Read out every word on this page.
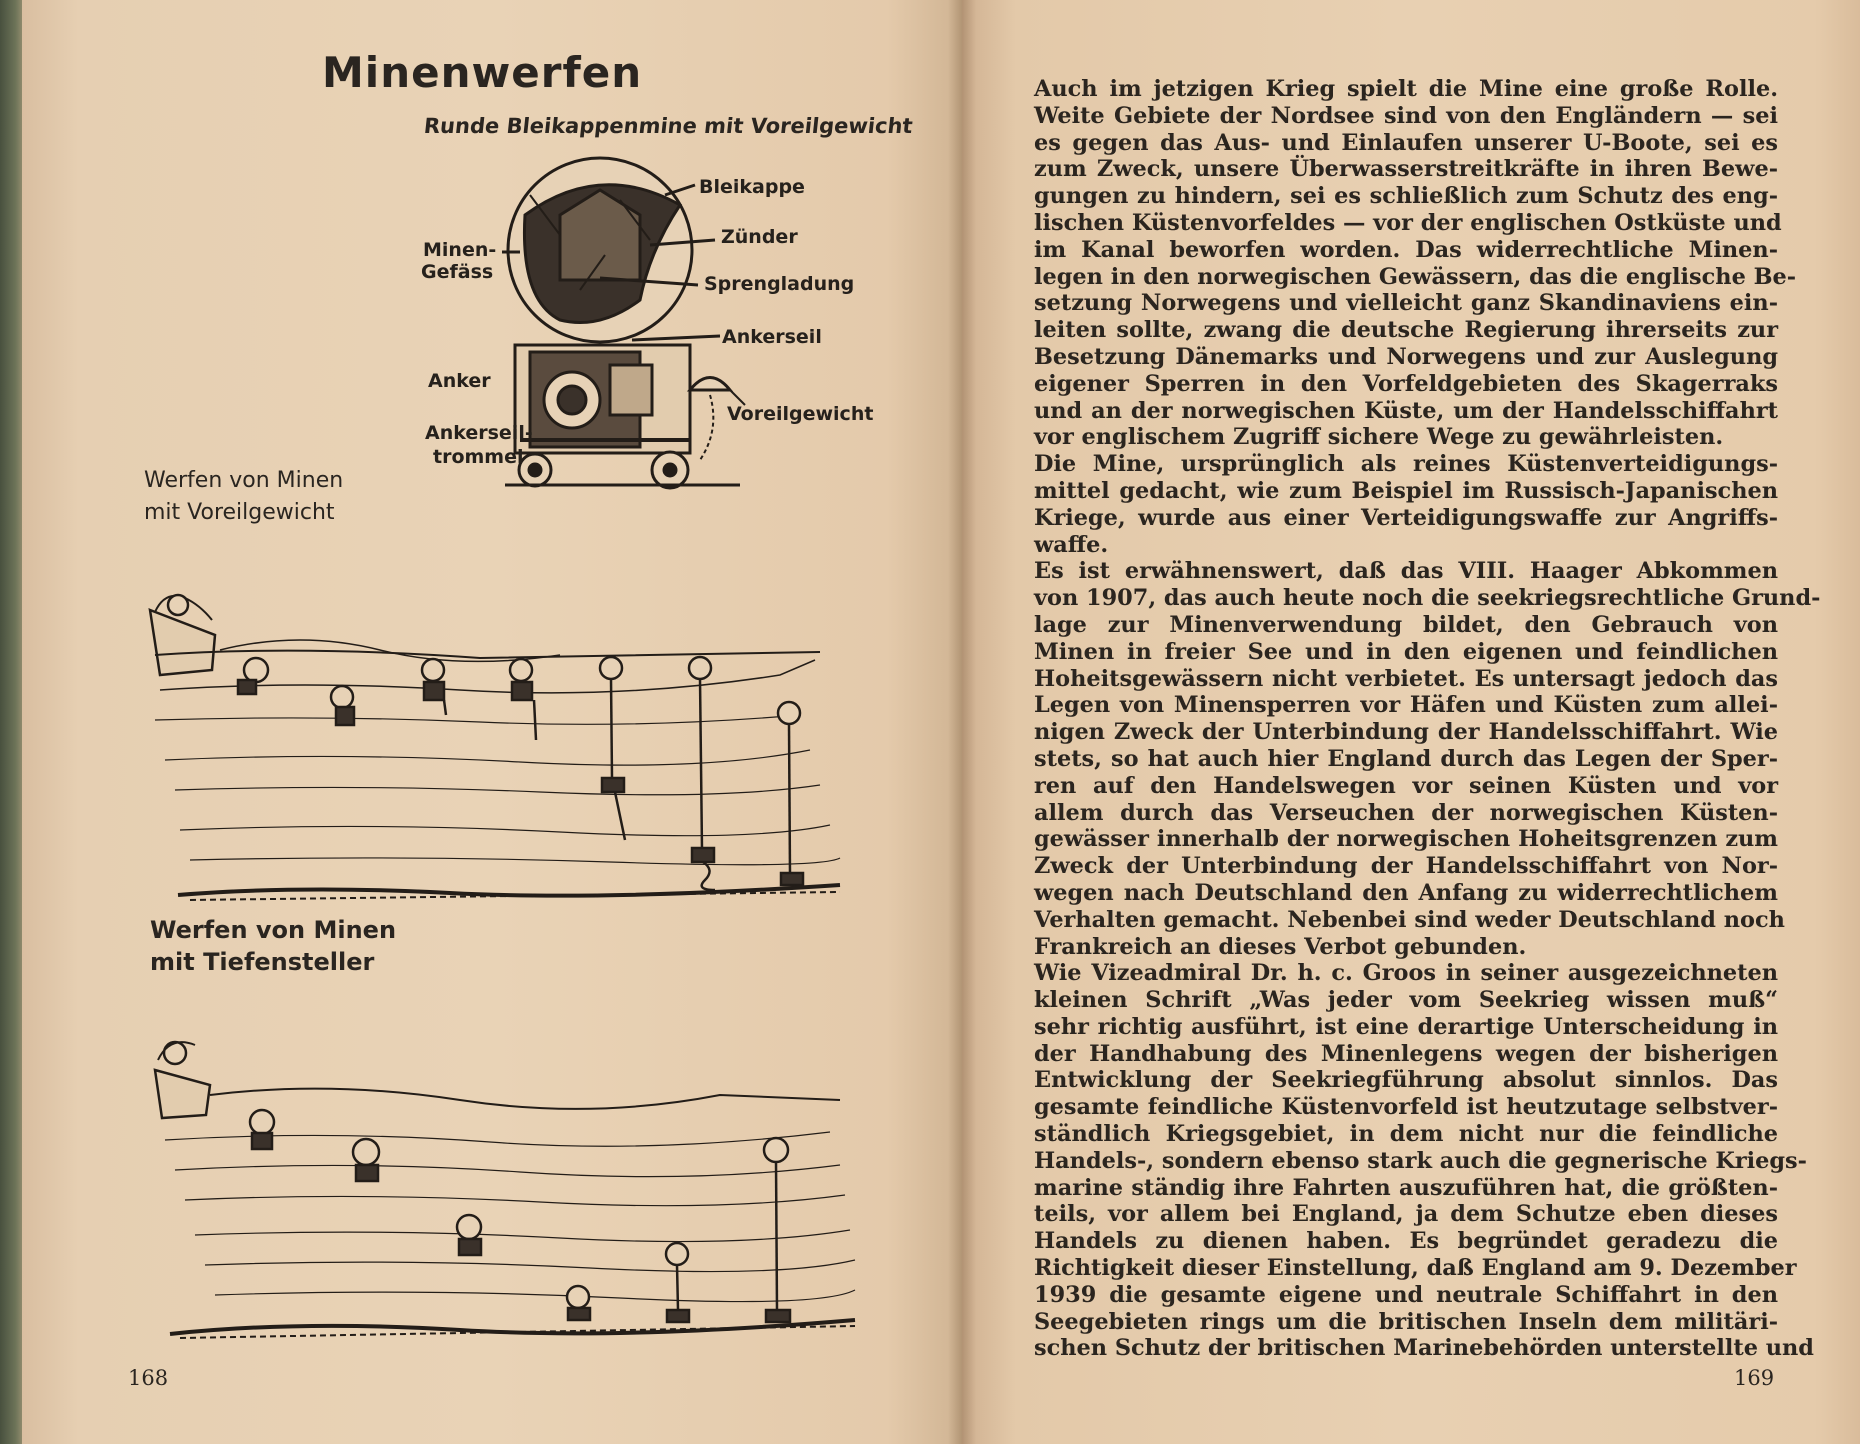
Minenwerfen
Runde Bleikappenmine mit Voreilgewicht
Minen-
Gefäss
Bleikappe
Zünder
Sprengladung
Ankerseil
Anker
Voreilgewicht
Ankerseil-
trommel
Werfen von Minen
mit Voreilgewicht
Werfen von Minen
mit Tiefensteller
168
Auch im jetzigen Krieg spielt die Mine eine große Rolle.
Weite Gebiete der Nordsee sind von den Engländern — sei
es gegen das Aus- und Einlaufen unserer U-Boote, sei es
zum Zweck, unsere Überwasserstreitkräfte in ihren Bewe-
gungen zu hindern, sei es schließlich zum Schutz des eng-
lischen Küstenvorfeldes — vor der englischen Ostküste und
im Kanal beworfen worden. Das widerrechtliche Minen-
legen in den norwegischen Gewässern, das die englische Be-
setzung Norwegens und vielleicht ganz Skandinaviens ein-
leiten sollte, zwang die deutsche Regierung ihrerseits zur
Besetzung Dänemarks und Norwegens und zur Auslegung
eigener Sperren in den Vorfeldgebieten des Skagerraks
und an der norwegischen Küste, um der Handelsschiffahrt
vor englischem Zugriff sichere Wege zu gewährleisten.
Die Mine, ursprünglich als reines Küstenverteidigungs-
mittel gedacht, wie zum Beispiel im Russisch-Japanischen
Kriege, wurde aus einer Verteidigungswaffe zur Angriffs-
waffe.
Es ist erwähnenswert, daß das VIII. Haager Abkommen
von 1907, das auch heute noch die seekriegsrechtliche Grund-
lage zur Minenverwendung bildet, den Gebrauch von
Minen in freier See und in den eigenen und feindlichen
Hoheitsgewässern nicht verbietet. Es untersagt jedoch das
Legen von Minensperren vor Häfen und Küsten zum allei-
nigen Zweck der Unterbindung der Handelsschiffahrt. Wie
stets, so hat auch hier England durch das Legen der Sper-
ren auf den Handelswegen vor seinen Küsten und vor
allem durch das Verseuchen der norwegischen Küsten-
gewässer innerhalb der norwegischen Hoheitsgrenzen zum
Zweck der Unterbindung der Handelsschiffahrt von Nor-
wegen nach Deutschland den Anfang zu widerrechtlichem
Verhalten gemacht. Nebenbei sind weder Deutschland noch
Frankreich an dieses Verbot gebunden.
Wie Vizeadmiral Dr. h. c. Groos in seiner ausgezeichneten
kleinen Schrift „Was jeder vom Seekrieg wissen muß“
sehr richtig ausführt, ist eine derartige Unterscheidung in
der Handhabung des Minenlegens wegen der bisherigen
Entwicklung der Seekriegführung absolut sinnlos. Das
gesamte feindliche Küstenvorfeld ist heutzutage selbstver-
ständlich Kriegsgebiet, in dem nicht nur die feindliche
Handels-, sondern ebenso stark auch die gegnerische Kriegs-
marine ständig ihre Fahrten auszuführen hat, die größten-
teils, vor allem bei England, ja dem Schutze eben dieses
Handels zu dienen haben. Es begründet geradezu die
Richtigkeit dieser Einstellung, daß England am 9. Dezember
1939 die gesamte eigene und neutrale Schiffahrt in den
Seegebieten rings um die britischen Inseln dem militäri-
schen Schutz der britischen Marinebehörden unterstellte und
169
